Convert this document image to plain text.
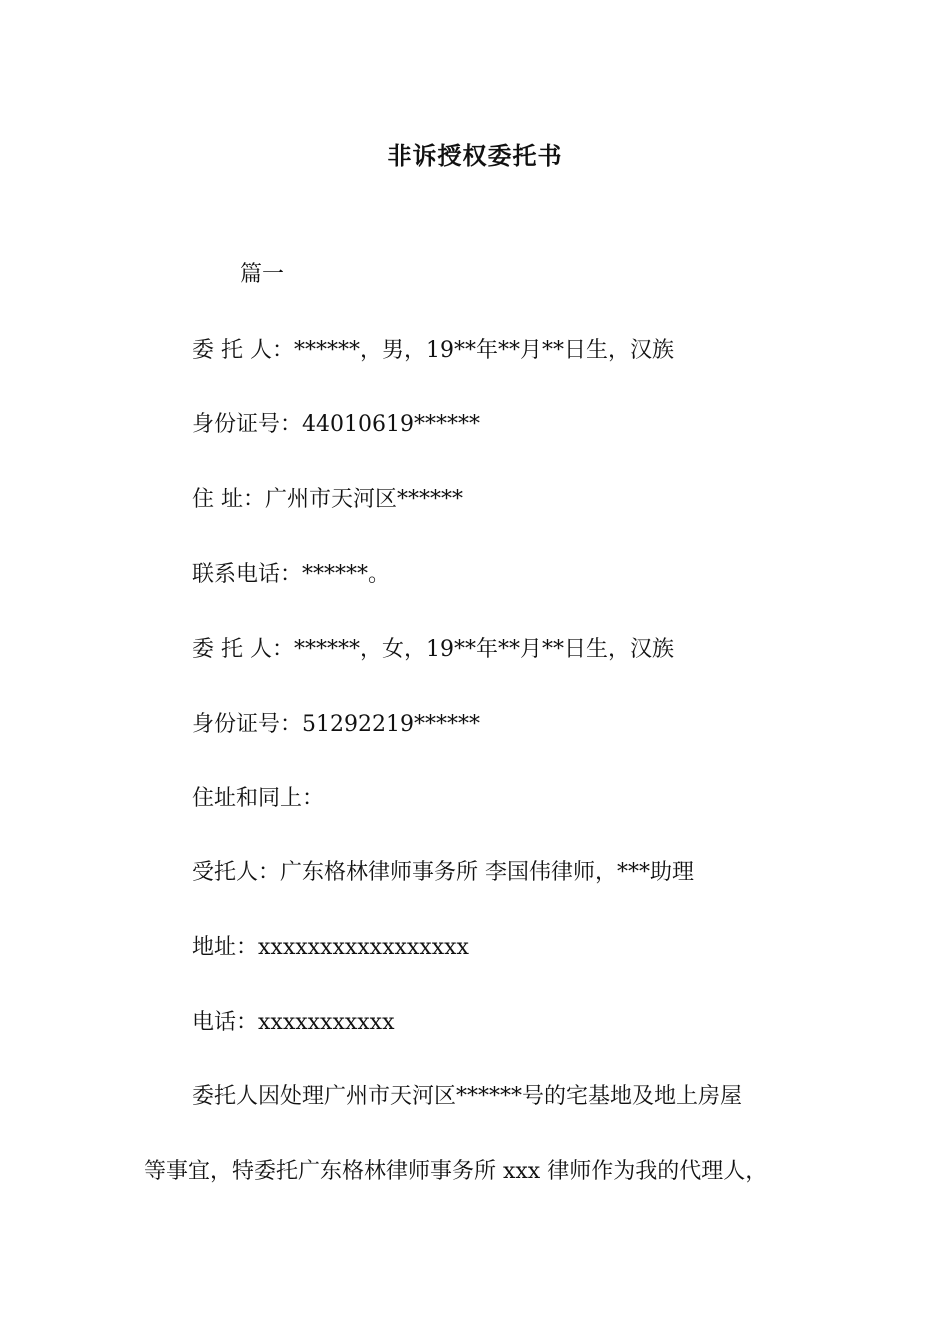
非诉授权委托书
篇一
委 托 人：******，男，19**年**月**日生，汉族
身份证号：44010619******
住 址：广州市天河区******
联系电话：******。
委 托 人：******，女，19**年**月**日生，汉族
身份证号：51292219******
住址和同上：
受托人：广东格林律师事务所 李国伟律师，***助理
地址：xxxxxxxxxxxxxxxxx
电话：xxxxxxxxxxx
委托人因处理广州市天河区******号的宅基地及地上房屋
等事宜，特委托广东格林律师事务所 xxx 律师作为我的代理人，
